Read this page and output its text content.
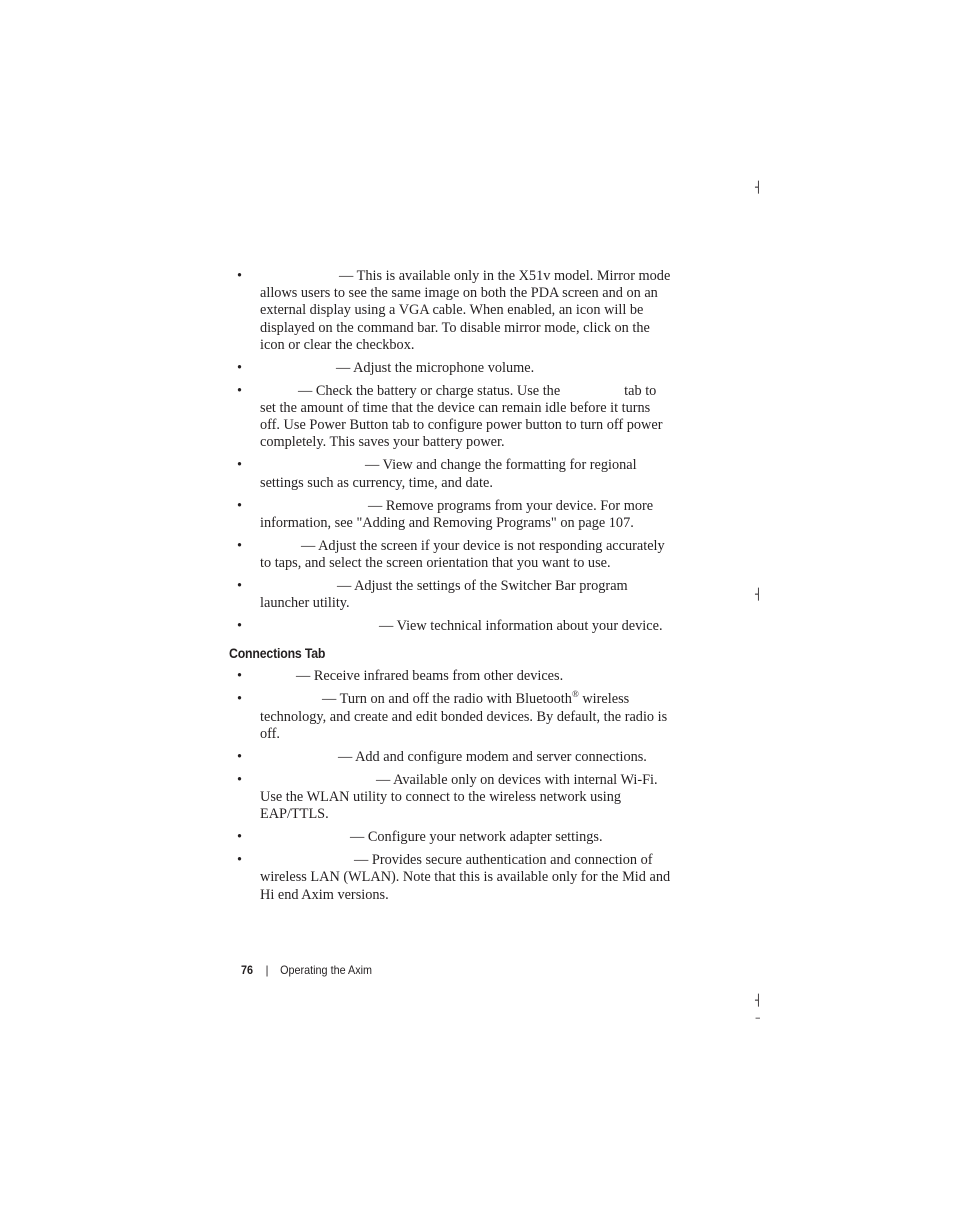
┤
┤
┤
–
•	— This is available only in the X51v model. Mirror mode
allows users to see the same image on both the PDA screen and on an
external display using a VGA cable. When enabled, an icon will be
displayed on the command bar. To disable mirror mode, click on the
icon or clear the checkbox.
•	— Adjust the microphone volume.
•	— Check the battery or charge status. Use the	tab to
set the amount of time that the device can remain idle before it turns
off. Use Power Button tab to configure power button to turn off power
completely. This saves your battery power.
•	— View and change the formatting for regional
settings such as currency, time, and date.
•	— Remove programs from your device. For more
information, see "Adding and Removing Programs" on page 107.
•	— Adjust the screen if your device is not responding accurately
to taps, and select the screen orientation that you want to use.
•	— Adjust the settings of the Switcher Bar program
launcher utility.
•	— View technical information about your device.
Connections Tab
•	— Receive infrared beams from other devices.
•	— Turn on and off the radio with Bluetooth® wireless
technology, and create and edit bonded devices. By default, the radio is off.
•	— Add and configure modem and server connections.
•	— Available only on devices with internal Wi-Fi.
Use the WLAN utility to connect to the wireless network using
EAP/TTLS.
•	— Configure your network adapter settings.
•	— Provides secure authentication and connection of
wireless LAN (WLAN). Note that this is available only for the Mid and
Hi end Axim versions.
76 | Operating the Axim
